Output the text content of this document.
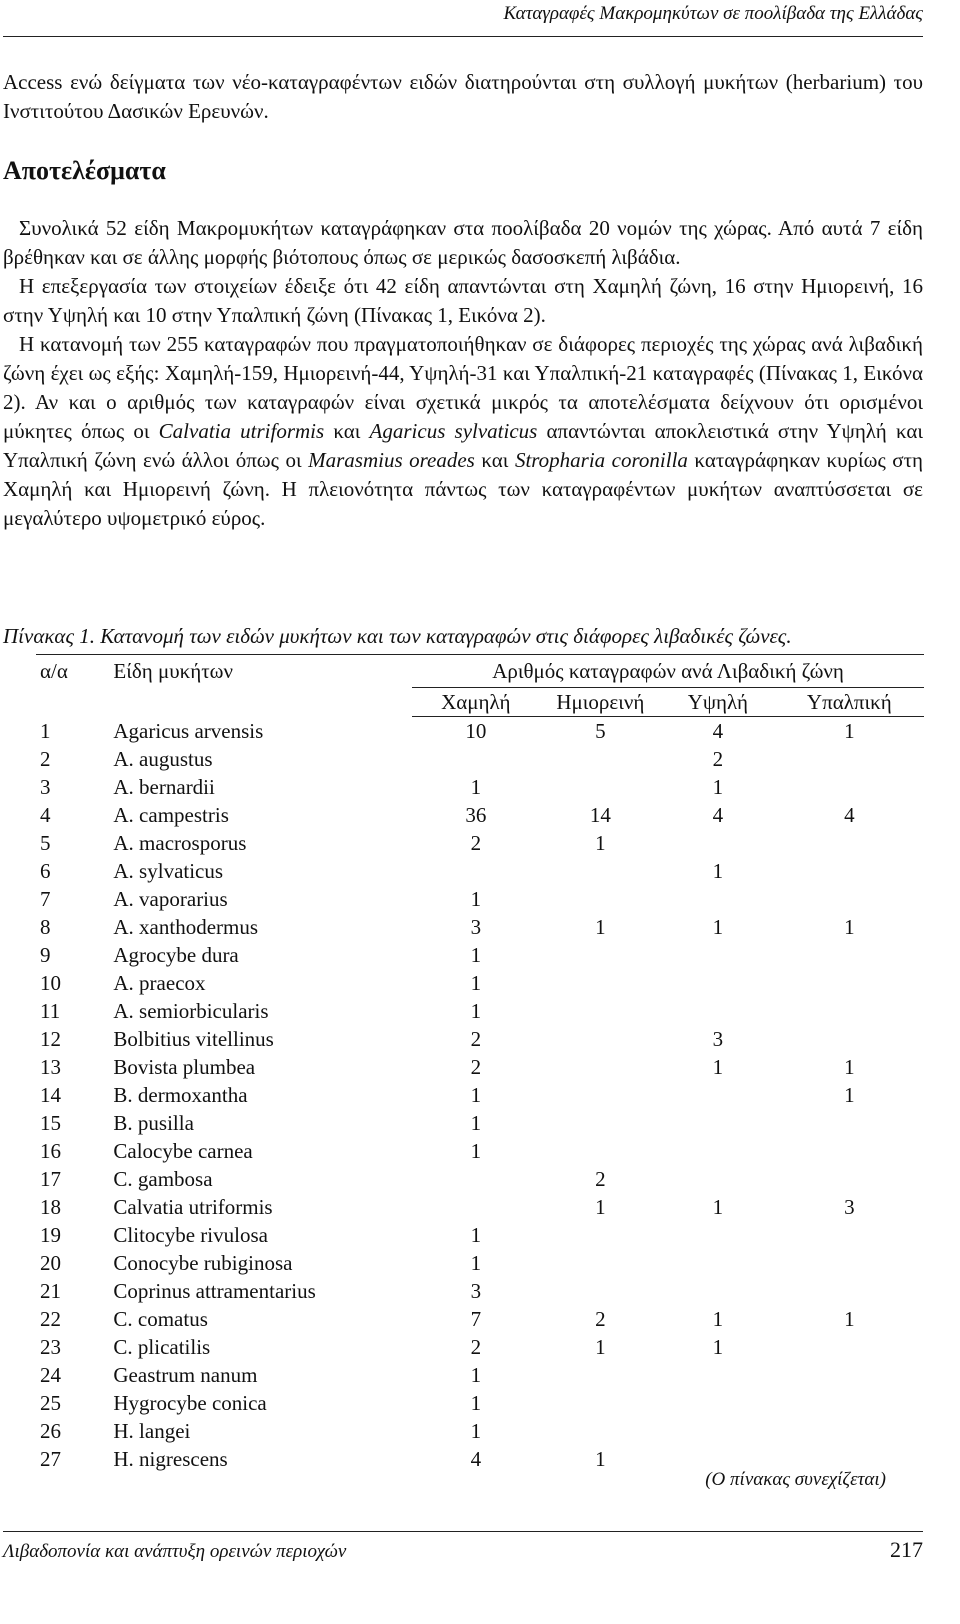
Καταγραφές Μακρομηκύτων σε ποολίβαδα της Ελλάδας

Access ενώ δείγματα των νέο-καταγραφέντων ειδών διατηρούνται στη συλλογή μυκήτων (herbarium) του Ινστιτούτου Δασικών Ερευνών.

Αποτελέσματα

Συνολικά 52 είδη Μακρομυκήτων καταγράφηκαν στα ποολίβαδα 20 νομών της χώρας. Από αυτά 7 είδη βρέθηκαν και σε άλλης μορφής βιότοπους όπως σε μερικώς δασοσκεπή λιβάδια.

Η επεξεργασία των στοιχείων έδειξε ότι 42 είδη απαντώνται στη Χαμηλή ζώνη, 16 στην Ημιορεινή, 16 στην Υψηλή και 10 στην Υπαλπική ζώνη (Πίνακας 1, Εικόνα 2).

Η κατανομή των 255 καταγραφών που πραγματοποιήθηκαν σε διάφορες περιοχές της χώρας ανά λιβαδική ζώνη έχει ως εξής: Χαμηλή-159, Ημιορεινή-44, Υψηλή-31 και Υπαλπική-21 καταγραφές (Πίνακας 1, Εικόνα 2). Αν και ο αριθμός των καταγραφών είναι σχετικά μικρός τα αποτελέσματα δείχνουν ότι ορισμένοι μύκητες όπως οι Calvatia utriformis και Agaricus sylvaticus απαντώνται αποκλειστικά στην Υψηλή και Υπαλπική ζώνη ενώ άλλοι όπως οι Marasmius oreades και Stropharia coronilla καταγράφηκαν κυρίως στη Χαμηλή και Ημιορεινή ζώνη. Η πλειονότητα πάντως των καταγραφέντων μυκήτων αναπτύσσεται σε μεγαλύτερο υψομετρικό εύρος.

Πίνακας 1. Κατανομή των ειδών μυκήτων και των καταγραφών στις διάφορες λιβαδικές ζώνες.
α/α	Είδη μυκήτων	Αριθμός καταγραφών ανά Λιβαδική ζώνη			
		Χαμηλή	Ημιορεινή	Υψηλή	Υπαλπική
1	Agaricus arvensis	10	5	4	1
2	A. augustus			2	
3	A. bernardii	1		1	
4	A. campestris	36	14	4	4
5	A. macrosporus	2	1		
6	A. sylvaticus			1	
7	A. vaporarius	1			
8	A. xanthodermus	3	1	1	1
9	Agrocybe dura	1			
10	A. praecox	1			
11	A. semiorbicularis	1			
12	Bolbitius vitellinus	2		3	
13	Bovista plumbea	2		1	1
14	B. dermoxantha	1			1
15	B. pusilla	1			
16	Calocybe carnea	1			
17	C. gambosa		2		
18	Calvatia utriformis		1	1	3
19	Clitocybe rivulosa	1			
20	Conocybe rubiginosa	1			
21	Coprinus attramentarius	3			
22	C. comatus	7	2	1	1
23	C. plicatilis	2	1	1	
24	Geastrum nanum	1			
25	Hygrocybe conica	1			
26	H. langei	1			
27	H. nigrescens	4	1		
(Ο πίνακας συνεχίζεται)
Λιβαδοπονία και ανάπτυξη ορεινών περιοχών	217
